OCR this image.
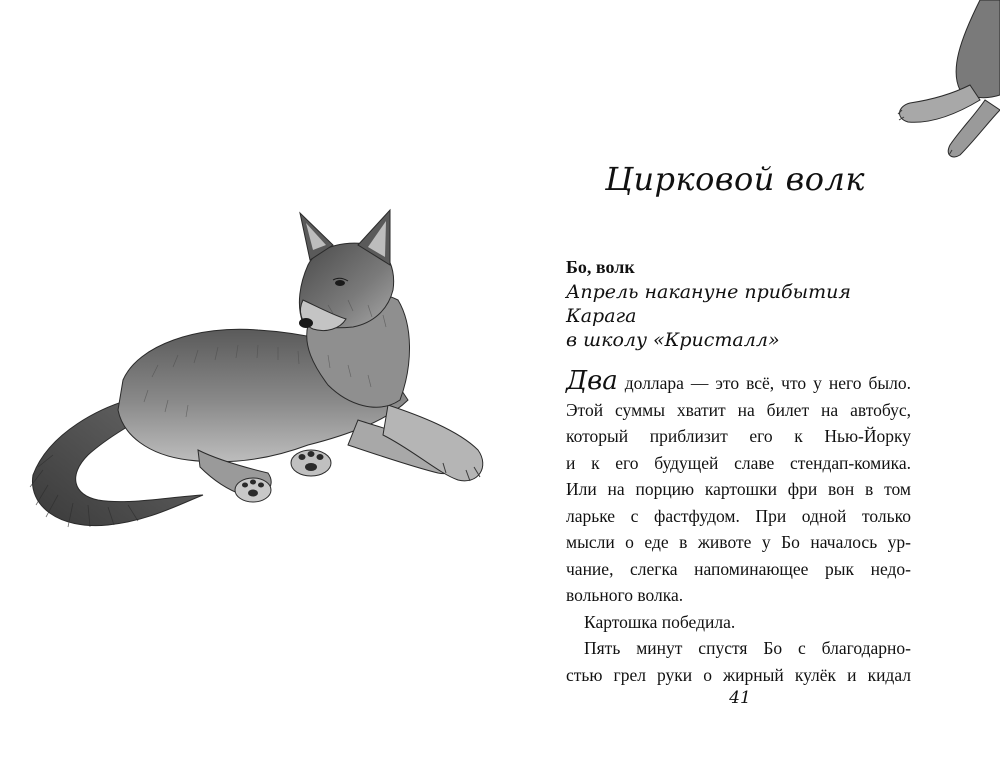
Цирковой волк
Бо, волк
Апрель накануне прибытия Карага
в школу «Кристалл»

Два доллара — это всё, что у него было.

Этой суммы хватит на билет на автобус,

который приблизит его к Нью-Йорку

и к его будущей славе стендап-комика.

Или на порцию картошки фри вон в том

ларьке с фастфудом. При одной только

мысли о еде в животе у Бо началось ур-

чание, слегка напоминающее рык недо-

вольного волка.

Картошка победила.

Пять минут спустя Бо с благодарно-

стью грел руки о жирный кулёк и кидал

41
